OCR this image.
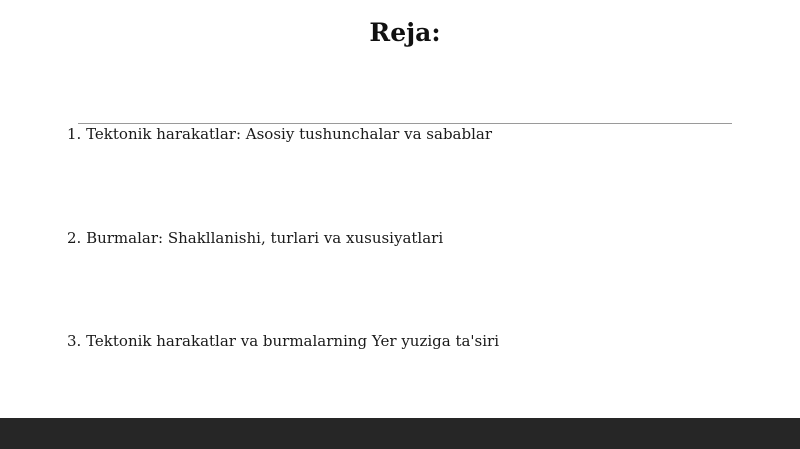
Reja:
1. Tektonik harakatlar: Asosiy tushunchalar va sabablar
2. Burmalar: Shakllanishi, turlari va xususiyatlari
3. Tektonik harakatlar va burmalarning Yer yuziga ta'siri
